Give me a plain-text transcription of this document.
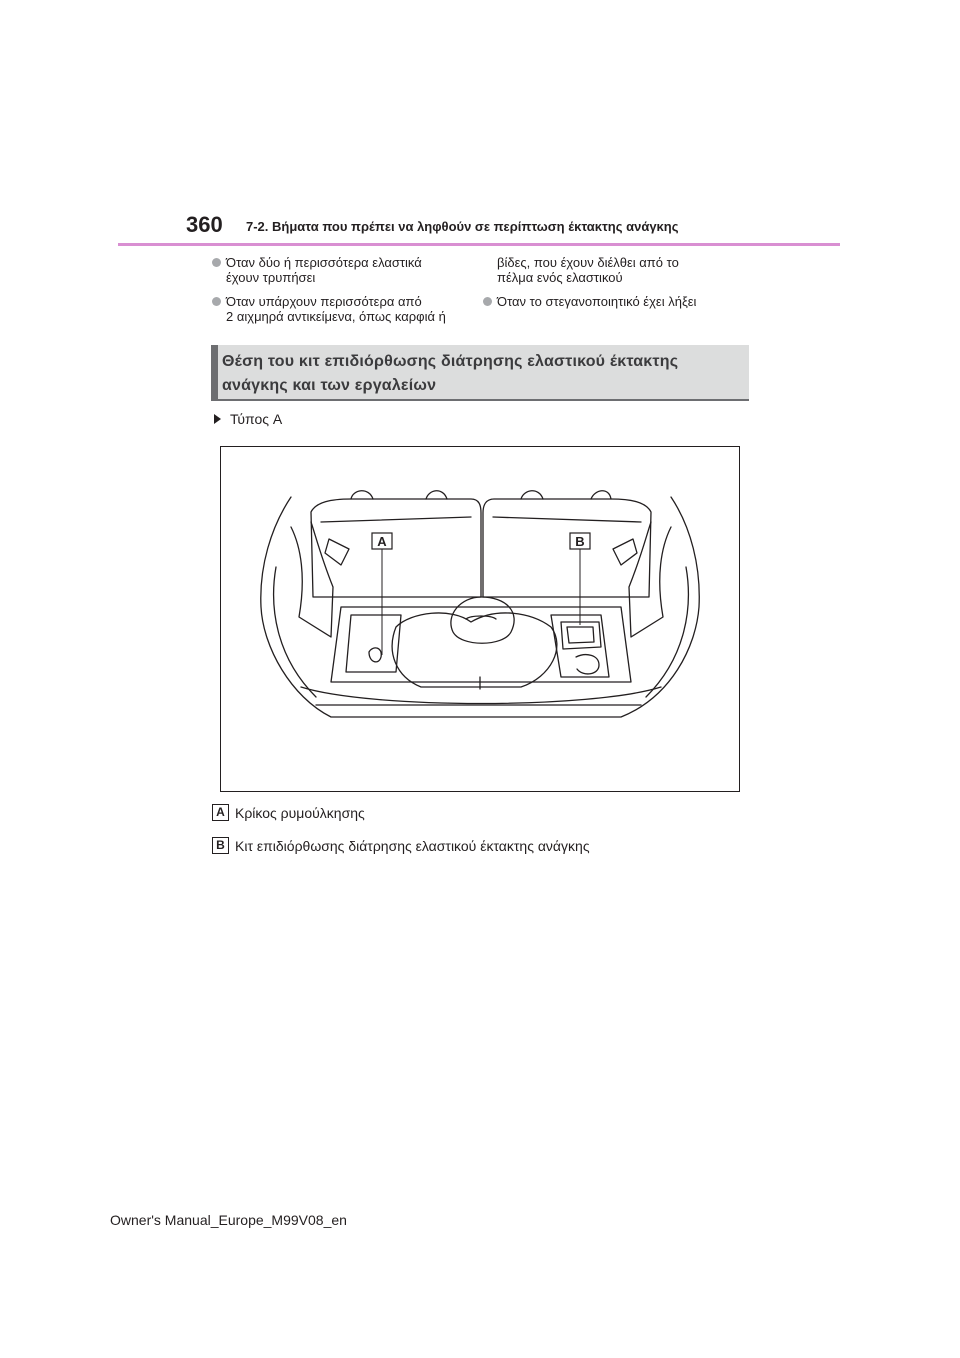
360 7-2. Βήματα που πρέπει να ληφθούν σε περίπτωση έκτακτης ανάγκης
Όταν δύο ή περισσότερα ελαστικά
έχουν τρυπήσει
Όταν υπάρχουν περισσότερα από
2 αιχμηρά αντικείμενα, όπως καρφιά ή
βίδες, που έχουν διέλθει από το
πέλμα ενός ελαστικού
Όταν το στεγανοποιητικό έχει λήξει
Θέση του κιτ επιδιόρθωσης διάτρησης ελαστικού έκτακτης ανάγκης και των εργαλείων
Τύπος A
A	B
A Κρίκος ρυμούλκησης
B Κιτ επιδιόρθωσης διάτρησης ελαστικού έκτακτης ανάγκης
Owner's Manual_Europe_M99V08_en
